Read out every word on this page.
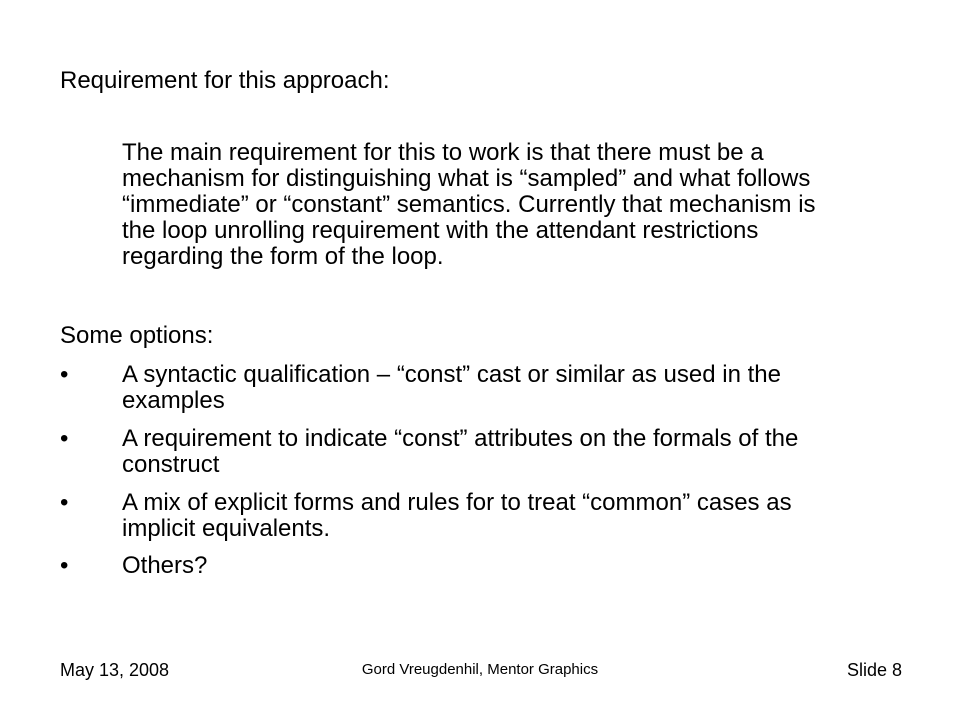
Requirement for this approach:
The main requirement for this to work is that there must be a
mechanism for distinguishing what is “sampled” and what follows
“immediate” or “constant” semantics. Currently that mechanism is
the loop unrolling requirement with the attendant restrictions
regarding the form of the loop.
Some options:
• A syntactic qualification – “const” cast or similar as used in the
examples
• A requirement to indicate “const” attributes on the formals of the
construct
• A mix of explicit forms and rules for to treat “common” cases as
implicit equivalents.
• Others?
May 13, 2008	Gord Vreugdenhil, Mentor Graphics	Slide 8
